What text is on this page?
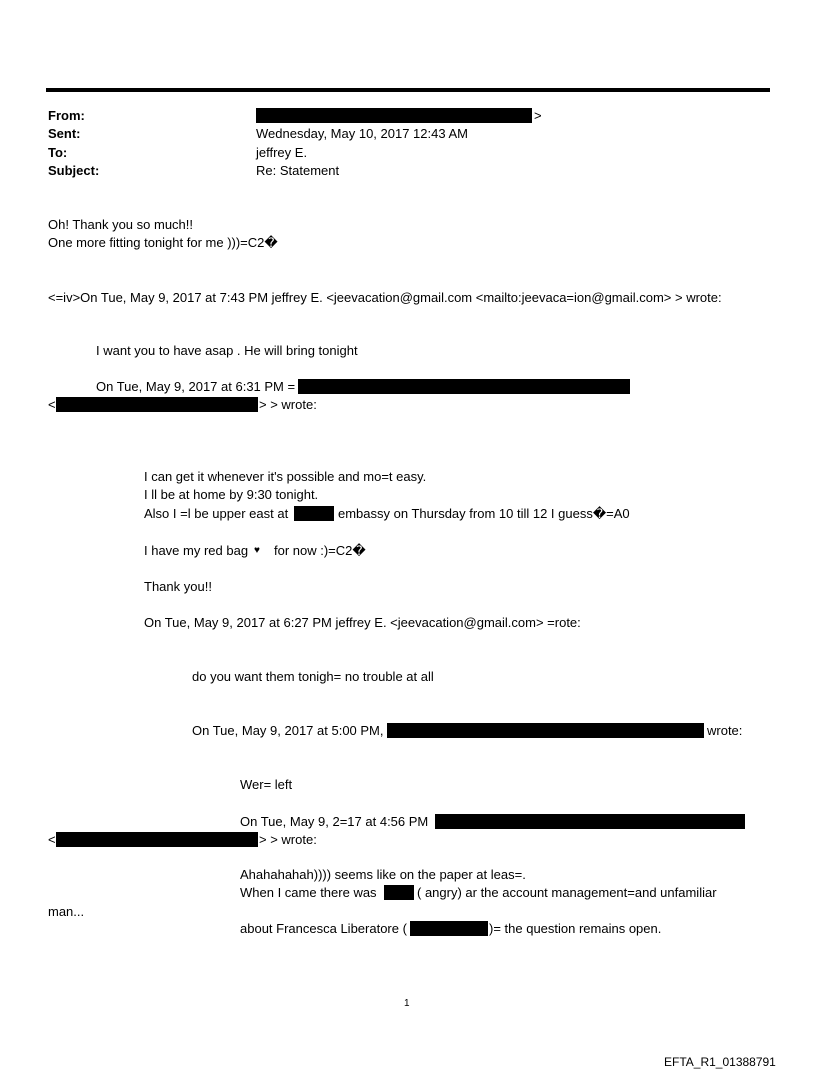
From:	>
Sent:	Wednesday, May 10, 2017 12:43 AM
To:	jeffrey E.
Subject:	Re: Statement
Oh! Thank you so much!!
One more fitting tonight for me )))=C2�
<=iv>On Tue, May 9, 2017 at 7:43 PM jeffrey E. <jeevacation@gmail.com <mailto:jeevaca=ion@gmail.com> > wrote:
I want you to have asap . He will bring tonight
On Tue, May 9, 2017 at 6:31 PM =
<	> > wrote:
I can get it whenever it's possible and mo=t easy.
I ll be at home by 9:30 tonight.
Also I =l be upper east at	embassy on Thursday from 10 till 12 I guess�=A0
I have my red bag ♥ for now :)=C2�
Thank you!!
On Tue, May 9, 2017 at 6:27 PM jeffrey E. <jeevacation@gmail.com> =rote:
do you want them tonigh= no trouble at all
On Tue, May 9, 2017 at 5:00 PM,	wrote:
Wer= left
On Tue, May 9, 2=17 at 4:56 PM
<	> > wrote:
Ahahahahah)))) seems like on the paper at leas=.
When I came there was	( angry) ar the account management=and unfamiliar
man...
about Francesca Liberatore (	)= the question remains open.
1
EFTA_R1_01388791
